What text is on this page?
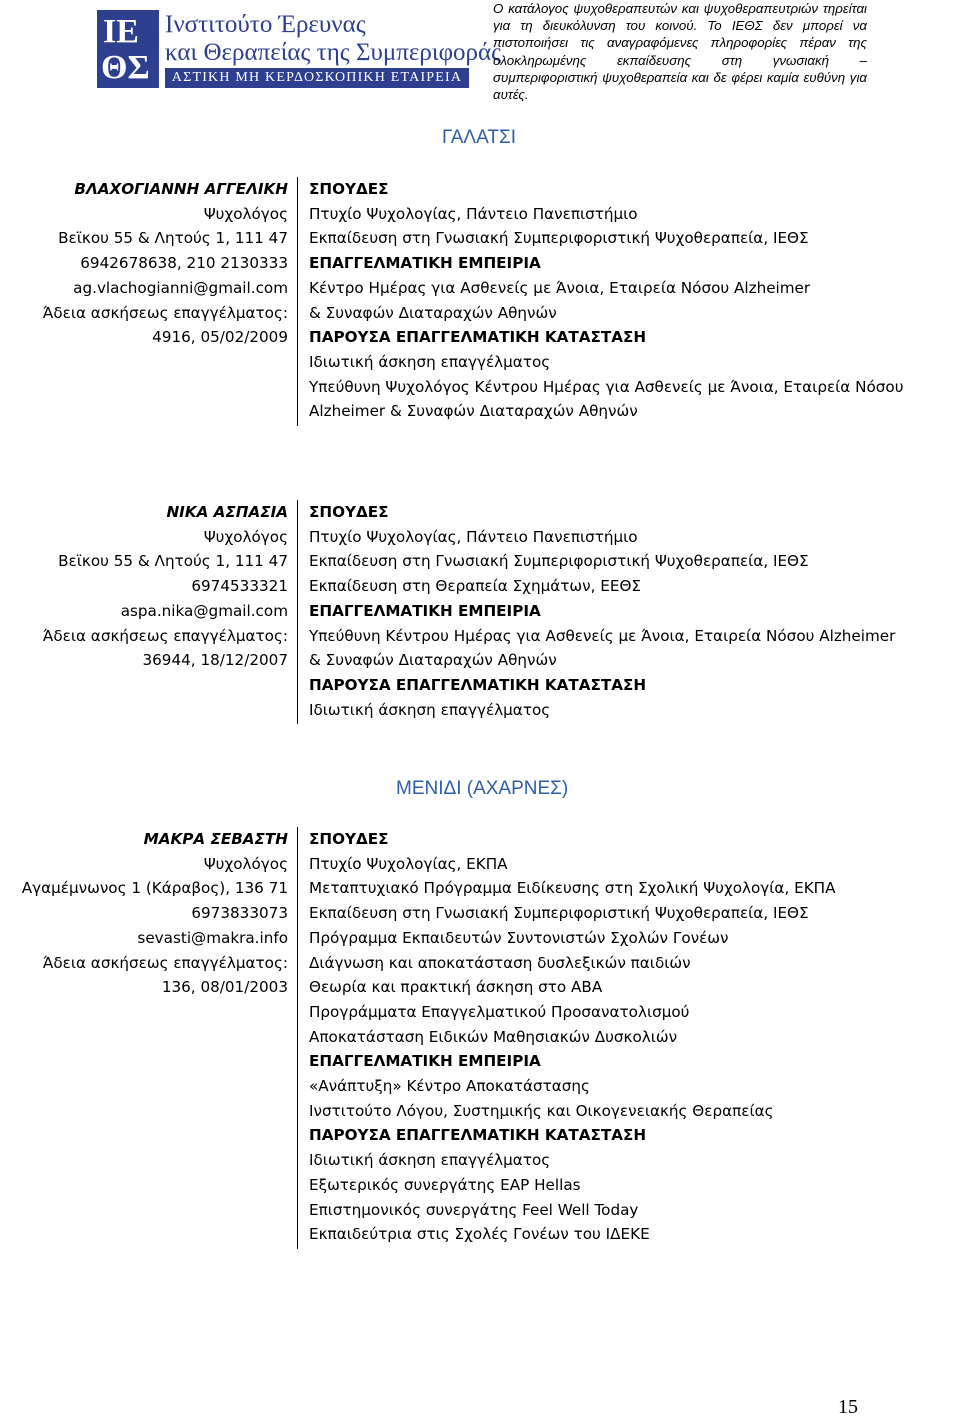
ΙΕ
ΘΣ
Ινστιτούτο Έρευνας
και Θεραπείας της Συμπεριφοράς
ΑΣΤΙΚΗ ΜΗ ΚΕΡΔΟΣΚΟΠΙΚΗ ΕΤΑΙΡΕΙΑ
Ο κατάλογος ψυχοθεραπευτών και ψυχοθεραπευτριών τηρείται για τη διευκόλυνση του κοινού. Το ΙΕΘΣ δεν μπορεί να πιστοποιήσει τις αναγραφόμενες πληροφορίες πέραν της ολοκληρωμένης εκπαίδευσης στη γνωσιακή – συμπεριφοριστική ψυχοθεραπεία και δε φέρει καμία ευθύνη για αυτές.
ΓΑΛΑΤΣΙ
ΜΕΝΙΔΙ (ΑΧΑΡΝΕΣ)
ΒΛΑΧΟΓΙΑΝΝΗ ΑΓΓΕΛΙΚΗ
Ψυχολόγος
Βεϊκου 55 & Λητούς 1, 111 47
6942678638, 210 2130333
ag.vlachogianni@gmail.com
Άδεια ασκήσεως επαγγέλματος:
4916, 05/02/2009
ΣΠΟΥΔΕΣ
Πτυχίο Ψυχολογίας, Πάντειο Πανεπιστήμιο
Εκπαίδευση στη Γνωσιακή Συμπεριφοριστική Ψυχοθεραπεία, ΙΕΘΣ
ΕΠΑΓΓΕΛΜΑΤΙΚΗ ΕΜΠΕΙΡΙΑ
Κέντρο Ημέρας για Ασθενείς με Άνοια, Εταιρεία Νόσου Alzheimer
& Συναφών Διαταραχών Αθηνών
ΠΑΡΟΥΣΑ ΕΠΑΓΓΕΛΜΑΤΙΚΗ ΚΑΤΑΣΤΑΣΗ
Ιδιωτική άσκηση επαγγέλματος
Υπεύθυνη Ψυχολόγος Κέντρου Ημέρας για Ασθενείς με Άνοια, Εταιρεία Νόσου
Alzheimer & Συναφών Διαταραχών Αθηνών
ΝΙΚΑ ΑΣΠΑΣΙΑ
Ψυχολόγος
Βεϊκου 55 & Λητούς 1, 111 47
6974533321
aspa.nika@gmail.com
Άδεια ασκήσεως επαγγέλματος:
36944, 18/12/2007
ΣΠΟΥΔΕΣ
Πτυχίο Ψυχολογίας, Πάντειο Πανεπιστήμιο
Εκπαίδευση στη Γνωσιακή Συμπεριφοριστική Ψυχοθεραπεία, ΙΕΘΣ
Εκπαίδευση στη Θεραπεία Σχημάτων, ΕΕΘΣ
ΕΠΑΓΓΕΛΜΑΤΙΚΗ ΕΜΠΕΙΡΙΑ
Υπεύθυνη Κέντρου Ημέρας για Ασθενείς με Άνοια, Εταιρεία Νόσου Alzheimer
& Συναφών Διαταραχών Αθηνών
ΠΑΡΟΥΣΑ ΕΠΑΓΓΕΛΜΑΤΙΚΗ ΚΑΤΑΣΤΑΣΗ
Ιδιωτική άσκηση επαγγέλματος
ΜΑΚΡΑ ΣΕΒΑΣΤΗ
Ψυχολόγος
Αγαμέμνωνος 1 (Κάραβος), 136 71
6973833073
sevasti@makra.info
Άδεια ασκήσεως επαγγέλματος:
136, 08/01/2003
ΣΠΟΥΔΕΣ
Πτυχίο Ψυχολογίας, ΕΚΠΑ
Μεταπτυχιακό Πρόγραμμα Ειδίκευσης στη Σχολική Ψυχολογία, ΕΚΠΑ
Εκπαίδευση στη Γνωσιακή Συμπεριφοριστική Ψυχοθεραπεία, ΙΕΘΣ
Πρόγραμμα Εκπαιδευτών Συντονιστών Σχολών Γονέων
Διάγνωση και αποκατάσταση δυσλεξικών παιδιών
Θεωρία και πρακτική άσκηση στο ΑΒΑ
Προγράμματα Επαγγελματικού Προσανατολισμού
Αποκατάσταση Ειδικών Μαθησιακών Δυσκολιών
ΕΠΑΓΓΕΛΜΑΤΙΚΗ ΕΜΠΕΙΡΙΑ
«Ανάπτυξη» Κέντρο Αποκατάστασης
Ινστιτούτο Λόγου, Συστημικής και Οικογενειακής Θεραπείας
ΠΑΡΟΥΣΑ ΕΠΑΓΓΕΛΜΑΤΙΚΗ ΚΑΤΑΣΤΑΣΗ
Ιδιωτική άσκηση επαγγέλματος
Εξωτερικός συνεργάτης EAP Hellas
Επιστημονικός συνεργάτης Feel Well Today
Εκπαιδεύτρια στις Σχολές Γονέων του ΙΔΕΚΕ
15
